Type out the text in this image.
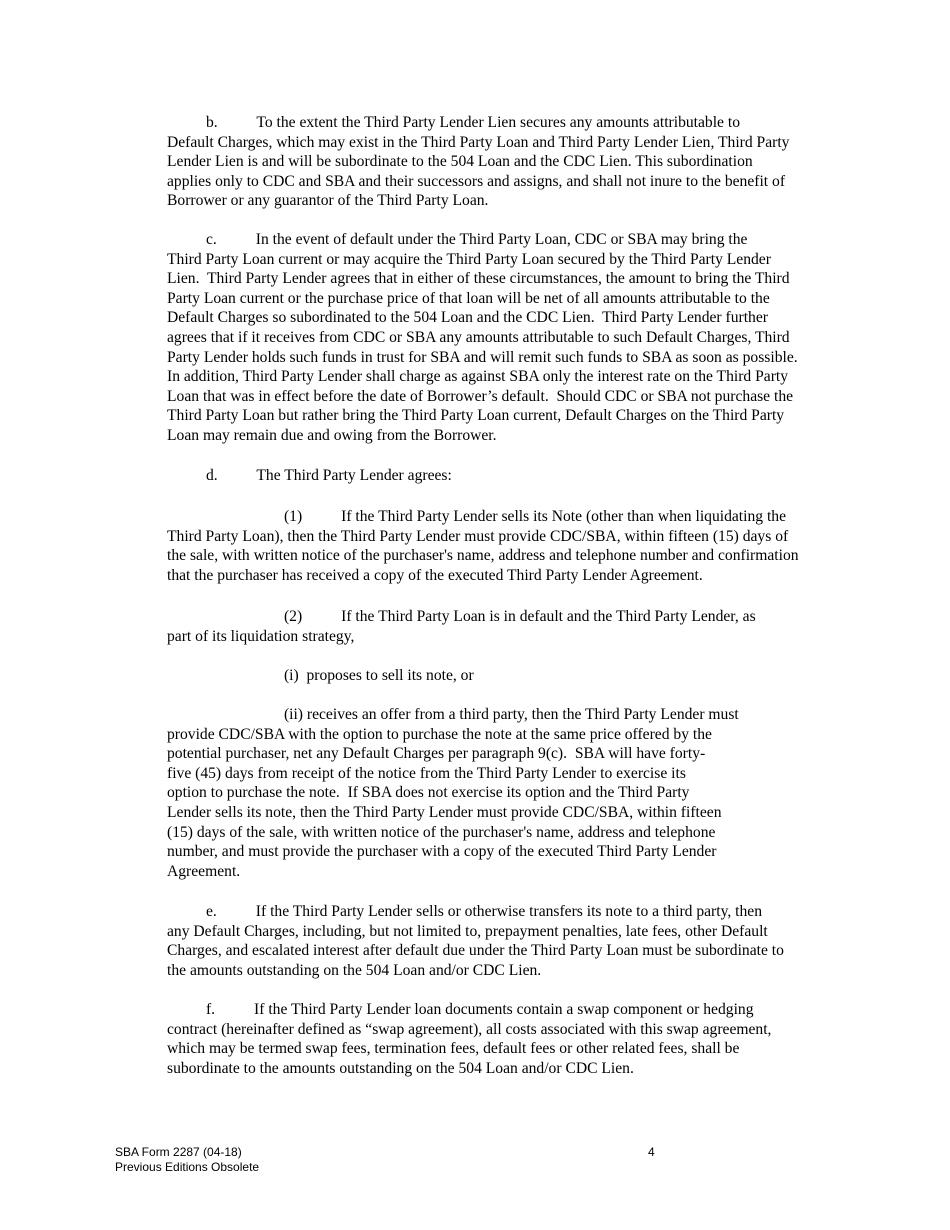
b.          To the extent the Third Party Lender Lien secures any amounts attributable to
Default Charges, which may exist in the Third Party Loan and Third Party Lender Lien, Third Party
Lender Lien is and will be subordinate to the 504 Loan and the CDC Lien. This subordination
applies only to CDC and SBA and their successors and assigns, and shall not inure to the benefit of
Borrower or any guarantor of the Third Party Loan.
c.          In the event of default under the Third Party Loan, CDC or SBA may bring the
Third Party Loan current or may acquire the Third Party Loan secured by the Third Party Lender
Lien.  Third Party Lender agrees that in either of these circumstances, the amount to bring the Third
Party Loan current or the purchase price of that loan will be net of all amounts attributable to the
Default Charges so subordinated to the 504 Loan and the CDC Lien.  Third Party Lender further
agrees that if it receives from CDC or SBA any amounts attributable to such Default Charges, Third
Party Lender holds such funds in trust for SBA and will remit such funds to SBA as soon as possible.
In addition, Third Party Lender shall charge as against SBA only the interest rate on the Third Party
Loan that was in effect before the date of Borrower’s default.  Should CDC or SBA not purchase the
Third Party Loan but rather bring the Third Party Loan current, Default Charges on the Third Party
Loan may remain due and owing from the Borrower.
d.          The Third Party Lender agrees:
(1)          If the Third Party Lender sells its Note (other than when liquidating the
Third Party Loan), then the Third Party Lender must provide CDC/SBA, within fifteen (15) days of
the sale, with written notice of the purchaser's name, address and telephone number and confirmation
that the purchaser has received a copy of the executed Third Party Lender Agreement.
(2)          If the Third Party Loan is in default and the Third Party Lender, as
part of its liquidation strategy,
(i)  proposes to sell its note, or
(ii) receives an offer from a third party, then the Third Party Lender must
provide CDC/SBA with the option to purchase the note at the same price offered by the
potential purchaser, net any Default Charges per paragraph 9(c).  SBA will have forty-
five (45) days from receipt of the notice from the Third Party Lender to exercise its
option to purchase the note.  If SBA does not exercise its option and the Third Party
Lender sells its note, then the Third Party Lender must provide CDC/SBA, within fifteen
(15) days of the sale, with written notice of the purchaser's name, address and telephone
number, and must provide the purchaser with a copy of the executed Third Party Lender
Agreement.
e.          If the Third Party Lender sells or otherwise transfers its note to a third party, then
any Default Charges, including, but not limited to, prepayment penalties, late fees, other Default
Charges, and escalated interest after default due under the Third Party Loan must be subordinate to
the amounts outstanding on the 504 Loan and/or CDC Lien.
f.          If the Third Party Lender loan documents contain a swap component or hedging
contract (hereinafter defined as “swap agreement), all costs associated with this swap agreement,
which may be termed swap fees, termination fees, default fees or other related fees, shall be
subordinate to the amounts outstanding on the 504 Loan and/or CDC Lien.
SBA Form 2287 (04-18)
Previous Editions Obsolete
4
